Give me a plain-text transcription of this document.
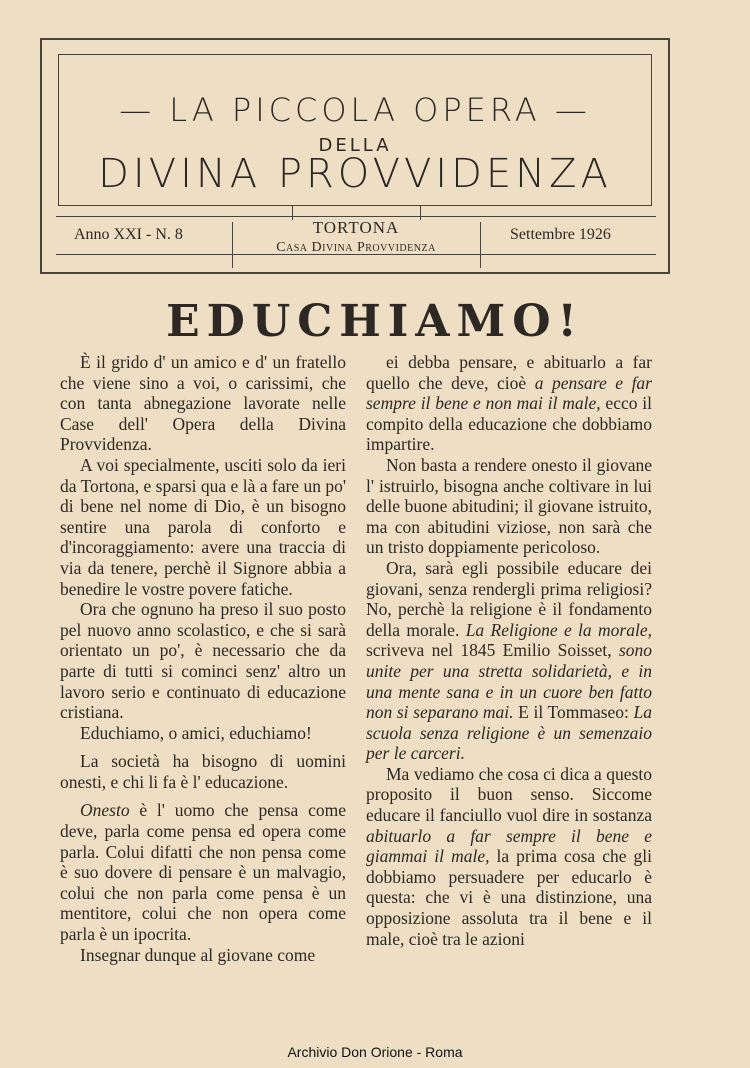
— LA PICCOLA OPERA —
DELLA
DIVINA PROVVIDENZA
Anno XXI - N. 8	TORTONA
Casa Divina Provvidenza
Settembre 1926
EDUCHIAMO!

È il grido d' un amico e d' un fratello che viene sino a voi, o carissimi, che con tanta abnegazione lavorate nelle Case dell' Opera della Divina Provvidenza.

A voi specialmente, usciti solo da ieri da Tortona, e sparsi qua e là a fare un po' di bene nel nome di Dio, è un bisogno sentire una parola di conforto e d'incoraggiamento: avere una traccia di via da tenere, perchè il Signore abbia a benedire le vostre povere fatiche.

Ora che ognuno ha preso il suo posto pel nuovo anno scolastico, e che si sarà orientato un po', è necessario che da parte di tutti si cominci senz' altro un lavoro serio e continuato di educazione cristiana.

Educhiamo, o amici, educhiamo!

La società ha bisogno di uomini onesti, e chi li fa è l' educazione.

Onesto è l' uomo che pensa come deve, parla come pensa ed opera come parla. Colui difatti che non pensa come è suo dovere di pensare è un malvagio, colui che non parla come pensa è un mentitore, colui che non opera come parla è un ipocrita.

Insegnar dunque al giovane come

ei debba pensare, e abituarlo a far quello che deve, cioè a pensare e far sempre il bene e non mai il male, ecco il compito della educazione che dobbiamo impartire.

Non basta a rendere onesto il giovane l' istruirlo, bisogna anche coltivare in lui delle buone abitudini; il giovane istruito, ma con abitudini viziose, non sarà che un tristo doppiamente pericoloso.

Ora, sarà egli possibile educare dei giovani, senza rendergli prima religiosi? No, perchè la religione è il fondamento della morale. La Religione e la morale, scriveva nel 1845 Emilio Soisset, sono unite per una stretta solidarietà, e in una mente sana e in un cuore ben fatto non si separano mai. E il Tommaseo: La scuola senza religione è un semenzaio per le carceri.

Ma vediamo che cosa ci dica a questo proposito il buon senso. Siccome educare il fanciullo vuol dire in sostanza abituarlo a far sempre il bene e giammai il male, la prima cosa che gli dobbiamo persuadere per educarlo è questa: che vi è una distinzione, una opposizione assoluta tra il bene e il male, cioè tra le azioni

Archivio Don Orione - Roma
